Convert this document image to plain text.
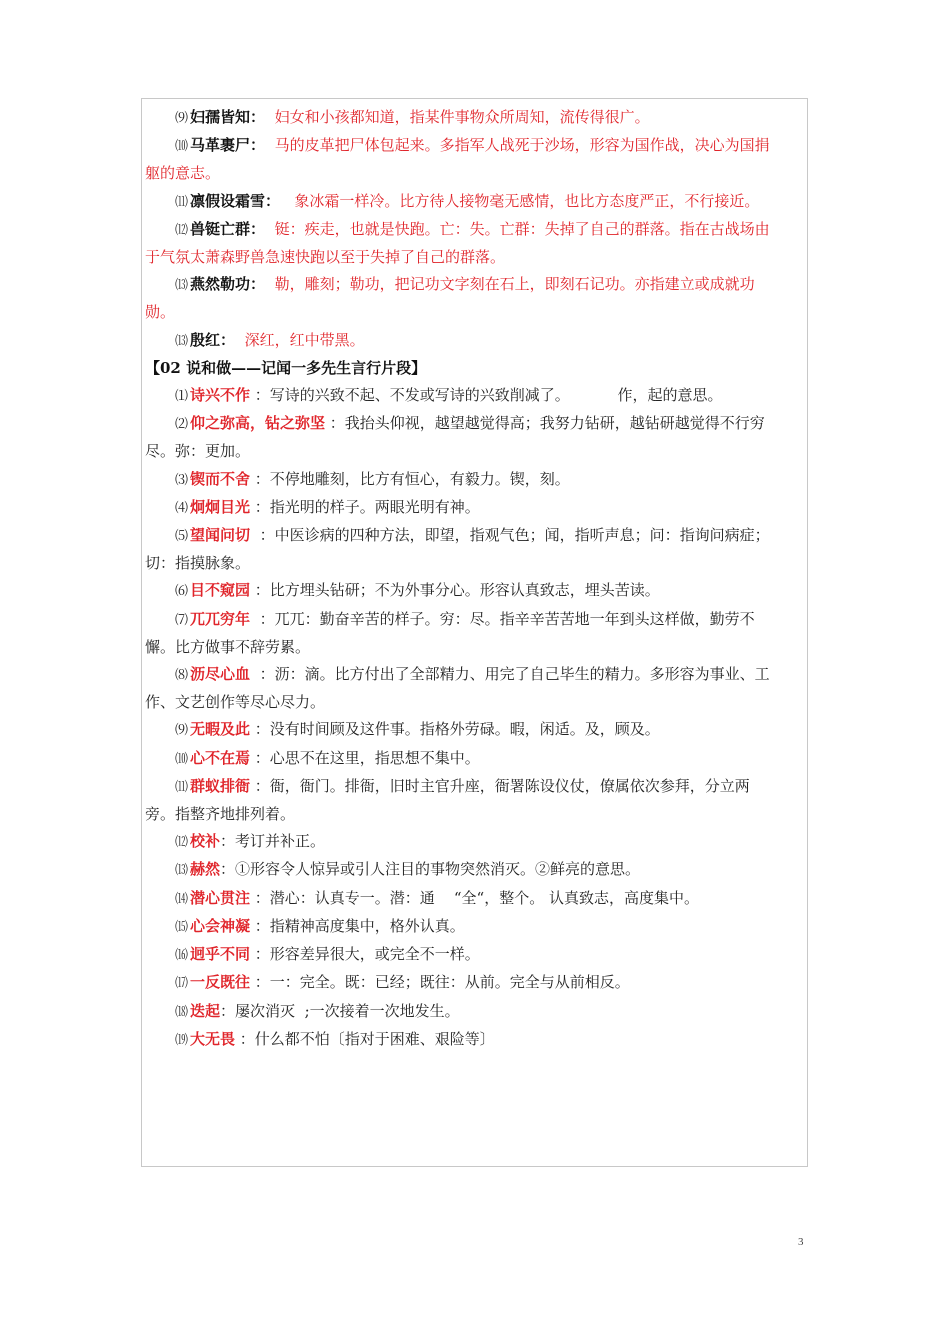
⑼ 妇孺皆知：  妇女和小孩都知道，指某件事物众所周知，流传得很广。

⑽ 马革裹尸：  马的皮革把尸体包起来。多指军人战死于沙场，形容为国作战，决心为国捐躯的意志。

⑾ 凛假设霜雪：   象冰霜一样冷。比方待人接物毫无感情，也比方态度严正，不行接近。

⑿ 兽铤亡群：  铤：疾走，也就是快跑。亡：失。亡群：失掉了自己的群落。指在古战场由于气氛太萧森野兽急速快跑以至于失掉了自己的群落。

⒀ 燕然勒功：  勒，雕刻；勒功，把记功文字刻在石上，即刻石记功。亦指建立或成就功勋。

⒀ 殷红：  深红，红中带黑。

【02 说和做——记闻一多先生言行片段】

⑴ 诗兴不作 ：写诗的兴致不起、不发或写诗的兴致削减了。          作，起的意思。

⑵ 仰之弥高，钻之弥坚 ：我抬头仰视，越望越觉得高；我努力钻研，越钻研越觉得不行穷尽。弥：更加。

⑶ 锲而不舍 ：不停地雕刻，比方有恒心，有毅力。锲，刻。

⑷ 炯炯目光 ：指光明的样子。两眼光明有神。

⑸ 望闻问切  ：中医诊病的四种方法，即望，指观气色；闻，指听声息；问：指询问病症；切：指摸脉象。

⑹ 目不窥园 ：比方埋头钻研；不为外事分心。形容认真致志，埋头苦读。

⑺ 兀兀穷年  ：兀兀：勤奋辛苦的样子。穷：尽。指辛辛苦苦地一年到头这样做，勤劳不懈。比方做事不辞劳累。

⑻ 沥尽心血  ：沥：滴。比方付出了全部精力、用完了自己毕生的精力。多形容为事业、工作、文艺创作等尽心尽力。

⑼ 无暇及此 ：没有时间顾及这件事。指格外劳碌。暇，闲适。及，顾及。

⑽ 心不在焉 ：心思不在这里，指思想不集中。

⑾ 群蚁排衙 ：衙，衙门。排衙，旧时主官升座，衙署陈设仪仗，僚属依次参拜，分立两旁。指整齐地排列着。

⑿ 校补：考订并补正。

⒀ 赫然：①形容令人惊异或引人注目的事物突然消灭。②鲜亮的意思。

⒁ 潜心贯注 ：潜心：认真专一。潜：通    “全“，整个。 认真致志，高度集中。

⒂ 心会神凝 ：指精神高度集中，格外认真。

⒃ 迥乎不同 ：形容差异很大，或完全不一样。

⒄ 一反既往 ：一：完全。既：已经；既往：从前。完全与从前相反。

⒅ 迭起：屡次消灭  ;一次接着一次地发生。

⒆ 大无畏 ：什么都不怕〔指对于困难、艰险等〕

3
